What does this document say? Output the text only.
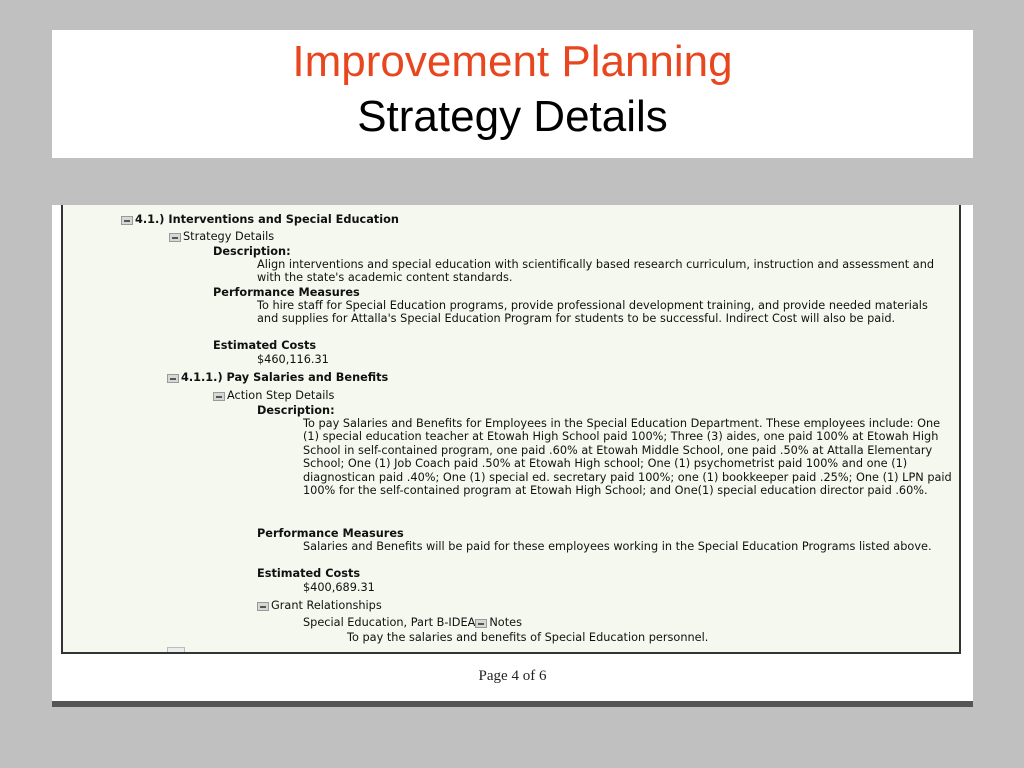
Improvement Planning
Strategy Details
4.1.) Interventions and Special Education
Strategy Details
Description:
Align interventions and special education with scientifically based research curriculum, instruction and assessment and with the state's academic content standards.
Performance Measures
To hire staff for Special Education programs, provide professional development training, and provide needed materials and supplies for Attalla's Special Education Program for students to be successful. Indirect Cost will also be paid.
Estimated Costs
$460,116.31
4.1.1.) Pay Salaries and Benefits
Action Step Details
Description:
To pay Salaries and Benefits for Employees in the Special Education Department. These employees include: One (1) special education teacher at Etowah High School paid 100%; Three (3) aides, one paid 100% at Etowah High School in self-contained program, one paid .60% at Etowah Middle School, one paid .50% at Attalla Elementary School; One (1) Job Coach paid .50% at Etowah High school; One (1) psychometrist paid 100% and one (1) diagnostican paid .40%; One (1) special ed. secretary paid 100%; one (1) bookkeeper paid .25%; One (1) LPN paid 100% for the self-contained program at Etowah High School; and One(1) special education director paid .60%.
Performance Measures
Salaries and Benefits will be paid for these employees working in the Special Education Programs listed above.
Estimated Costs
$400,689.31
Grant Relationships
Special Education, Part B-IDEA Notes
To pay the salaries and benefits of Special Education personnel.
Page 4 of 6
